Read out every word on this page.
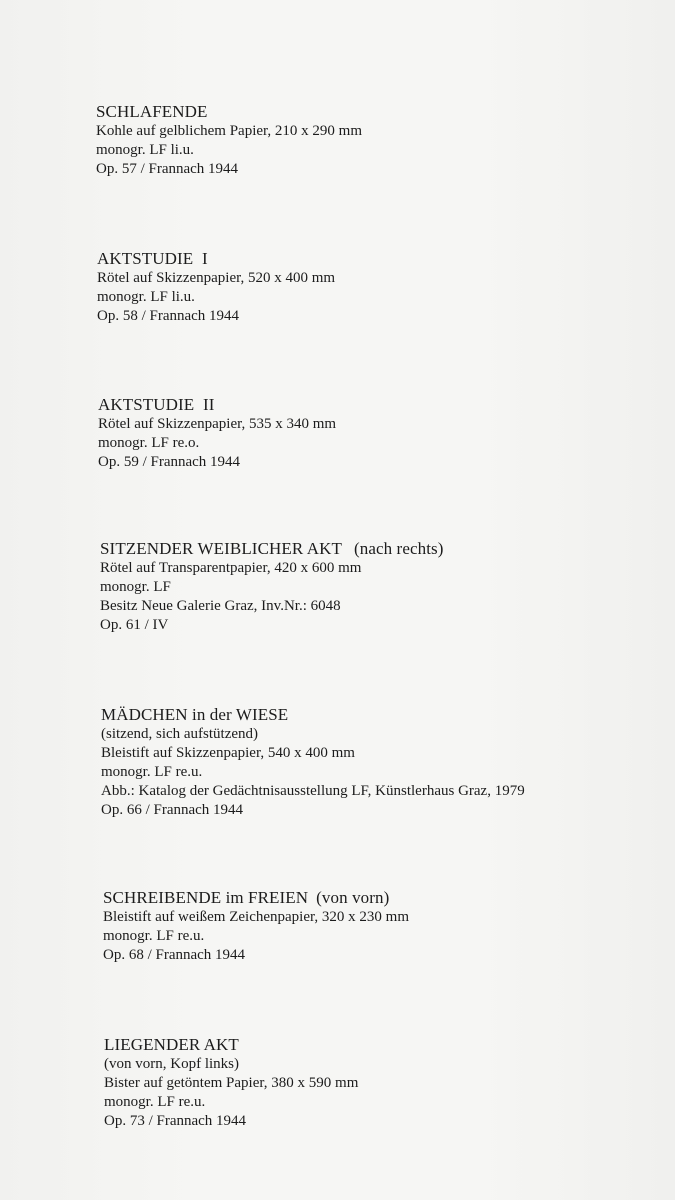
SCHLAFENDE
Kohle auf gelblichem Papier, 210 x 290 mm
monogr. LF li.u.
Op. 57 / Frannach 1944
AKTSTUDIE  I
Rötel auf Skizzenpapier, 520 x 400 mm
monogr. LF li.u.
Op. 58 / Frannach 1944
AKTSTUDIE  II
Rötel auf Skizzenpapier, 535 x 340 mm
monogr. LF re.o.
Op. 59 / Frannach 1944
SITZENDER WEIBLICHER AKT (nach rechts)
Rötel auf Transparentpapier, 420 x 600 mm
monogr. LF
Besitz Neue Galerie Graz, Inv.Nr.: 6048
Op. 61 / IV
MÄDCHEN in der WIESE
(sitzend, sich aufstützend)
Bleistift auf Skizzenpapier, 540 x 400 mm
monogr. LF re.u.
Abb.: Katalog der Gedächtnisausstellung LF, Künstlerhaus Graz, 1979
Op. 66 / Frannach 1944
SCHREIBENDE im FREIEN (von vorn)
Bleistift auf weißem Zeichenpapier, 320 x 230 mm
monogr. LF re.u.
Op. 68 / Frannach 1944
LIEGENDER AKT
(von vorn, Kopf links)
Bister auf getöntem Papier, 380 x 590 mm
monogr. LF re.u.
Op. 73 / Frannach 1944
